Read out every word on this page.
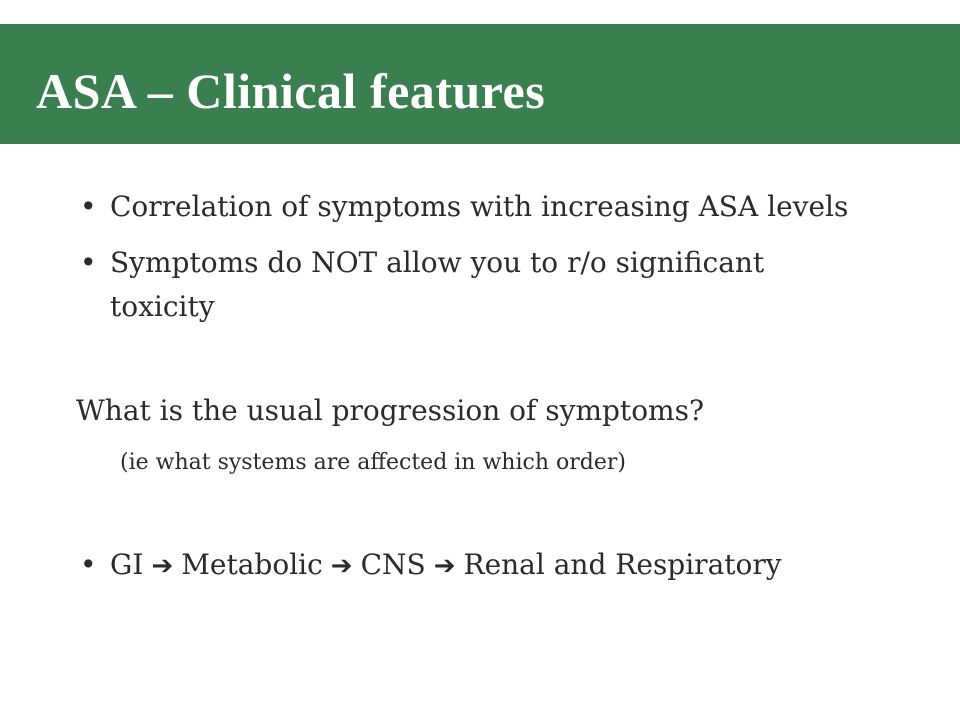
ASA – Clinical features
• Correlation of symptoms with increasing ASA levels
• Symptoms do NOT allow you to r/o significant
toxicity
What is the usual progression of symptoms?
(ie what systems are affected in which order)
• GI ➔ Metabolic ➔ CNS ➔ Renal and Respiratory
